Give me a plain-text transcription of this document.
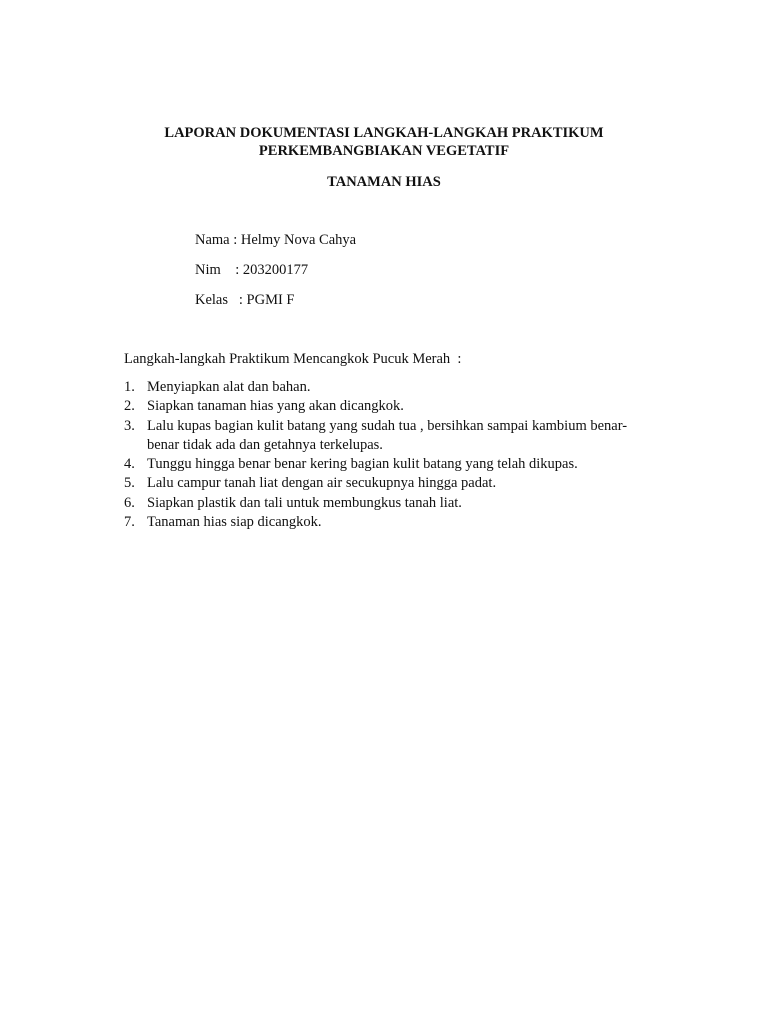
LAPORAN DOKUMENTASI LANGKAH-LANGKAH PRAKTIKUM
PERKEMBANGBIAKAN VEGETATIF
TANAMAN HIAS
Nama : Helmy Nova Cahya
Nim    : 203200177
Kelas   : PGMI F
Langkah-langkah Praktikum Mencangkok Pucuk Merah  :
1. Menyiapkan alat dan bahan.
2. Siapkan tanaman hias yang akan dicangkok.
3. Lalu kupas bagian kulit batang yang sudah tua , bersihkan sampai kambium benar-benar tidak ada dan getahnya terkelupas.
4. Tunggu hingga benar benar kering bagian kulit batang yang telah dikupas.
5. Lalu campur tanah liat dengan air secukupnya hingga padat.
6. Siapkan plastik dan tali untuk membungkus tanah liat.
7. Tanaman hias siap dicangkok.
